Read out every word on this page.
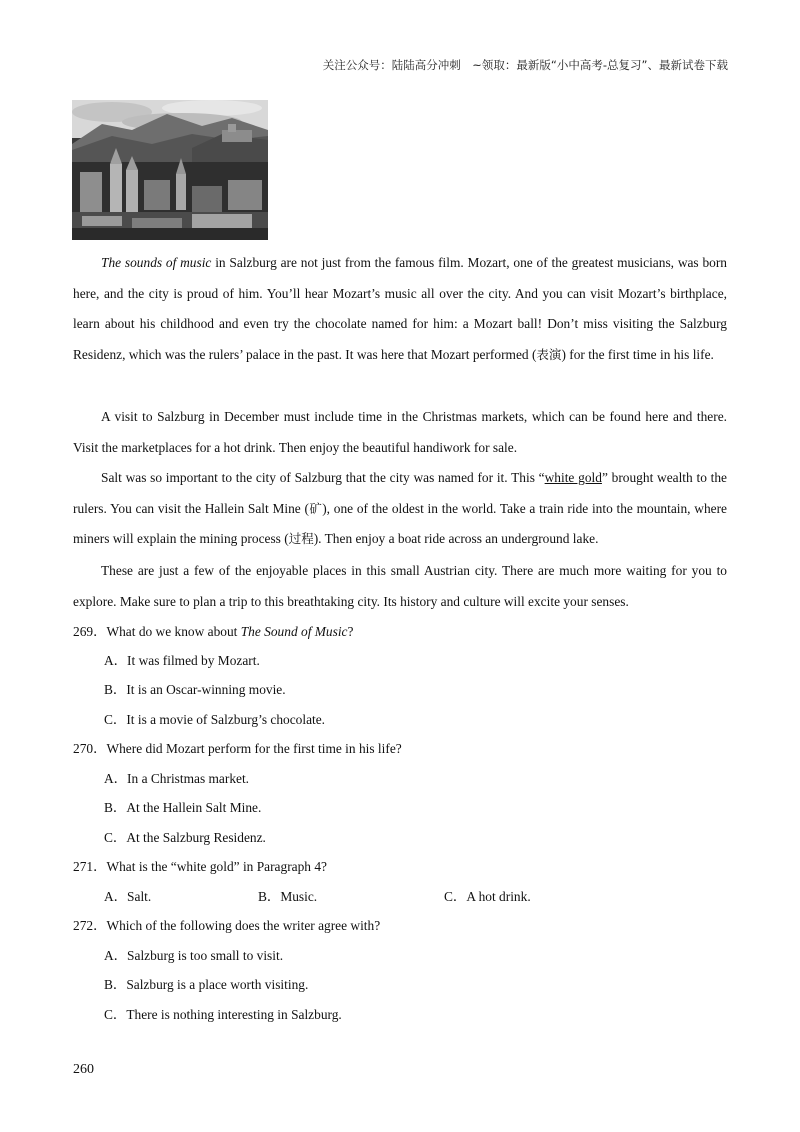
关注公众号：陆陆高分冲刺　~领取：最新版“小中高考-总复习”、最新试卷下载
The sounds of music in Salzburg are not just from the famous film. Mozart, one of the greatest musicians, was born here, and the city is proud of him. You’ll hear Mozart’s music all over the city. And you can visit Mozart’s birthplace, learn about his childhood and even try the chocolate named for him: a Mozart ball! Don’t miss visiting the Salzburg Residenz, which was the rulers’ palace in the past. It was here that Mozart performed (表演) for the first time in his life.
A visit to Salzburg in December must include time in the Christmas markets, which can be found here and there. Visit the marketplaces for a hot drink. Then enjoy the beautiful handiwork for sale.
Salt was so important to the city of Salzburg that the city was named for it. This “white gold” brought wealth to the rulers. You can visit the Hallein Salt Mine (矿), one of the oldest in the world. Take a train ride into the mountain, where miners will explain the mining process (过程). Then enjoy a boat ride across an underground lake.
These are just a few of the enjoyable places in this small Austrian city. There are much more waiting for you to explore. Make sure to plan a trip to this breathtaking city. Its history and culture will excite your senses.
269．What do we know about The Sound of Music?
A．It was filmed by Mozart.
B．It is an Oscar-winning movie.
C．It is a movie of Salzburg’s chocolate.
270．Where did Mozart perform for the first time in his life?
A．In a Christmas market.
B．At the Hallein Salt Mine.
C．At the Salzburg Residenz.
271．What is the “white gold” in Paragraph 4?
A．Salt.	B．Music.	C．A hot drink.
272．Which of the following does the writer agree with?
A．Salzburg is too small to visit.
B．Salzburg is a place worth visiting.
C．There is nothing interesting in Salzburg.
260
